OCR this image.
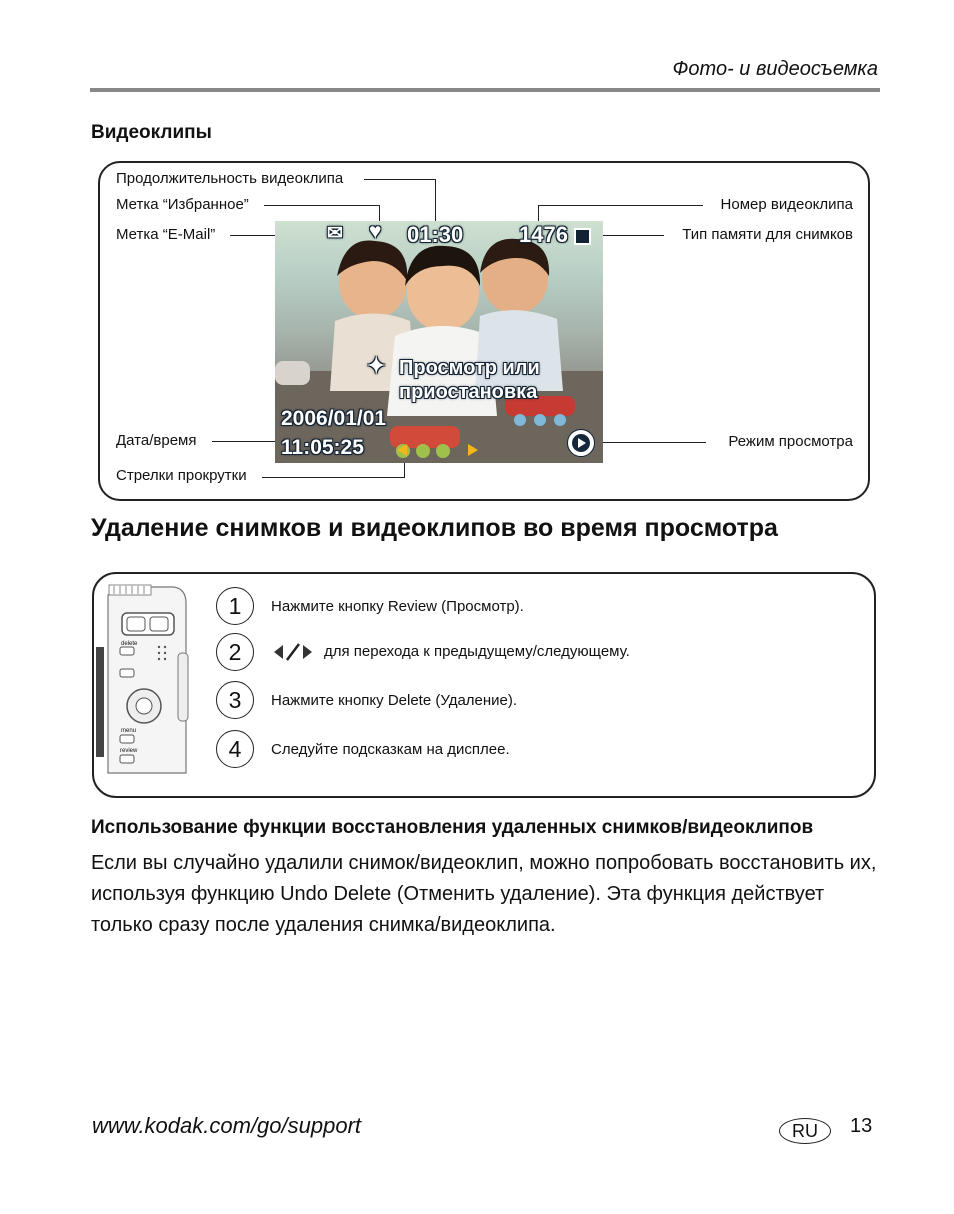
Фото- и видеосъемка
Видеоклипы
Продолжительность видеоклипа
Метка “Избранное”
Метка “E-Mail”
Номер видеоклипа
Тип памяти для снимков
Дата/время	Режим просмотра
Стрелки прокрутки
✉ ♥ 01:30	1476
✦ Просмотр или
приостановка
2006/01/01
11:05:25
Удаление снимков и видеоклипов во время просмотра
delete
menu
review
1	Нажмите кнопку Review (Просмотр).
2	для перехода к предыдущему/следующему.
3	Нажмите кнопку Delete (Удаление).
4	Следуйте подсказкам на дисплее.
Использование функции восстановления удаленных снимков/видеоклипов
Если вы случайно удалили снимок/видеоклип, можно попробовать восстановить их, используя функцию Undo Delete (Отменить удаление). Эта функция действует только сразу после удаления снимка/видеоклипа.
www.kodak.com/go/support	RU	13
